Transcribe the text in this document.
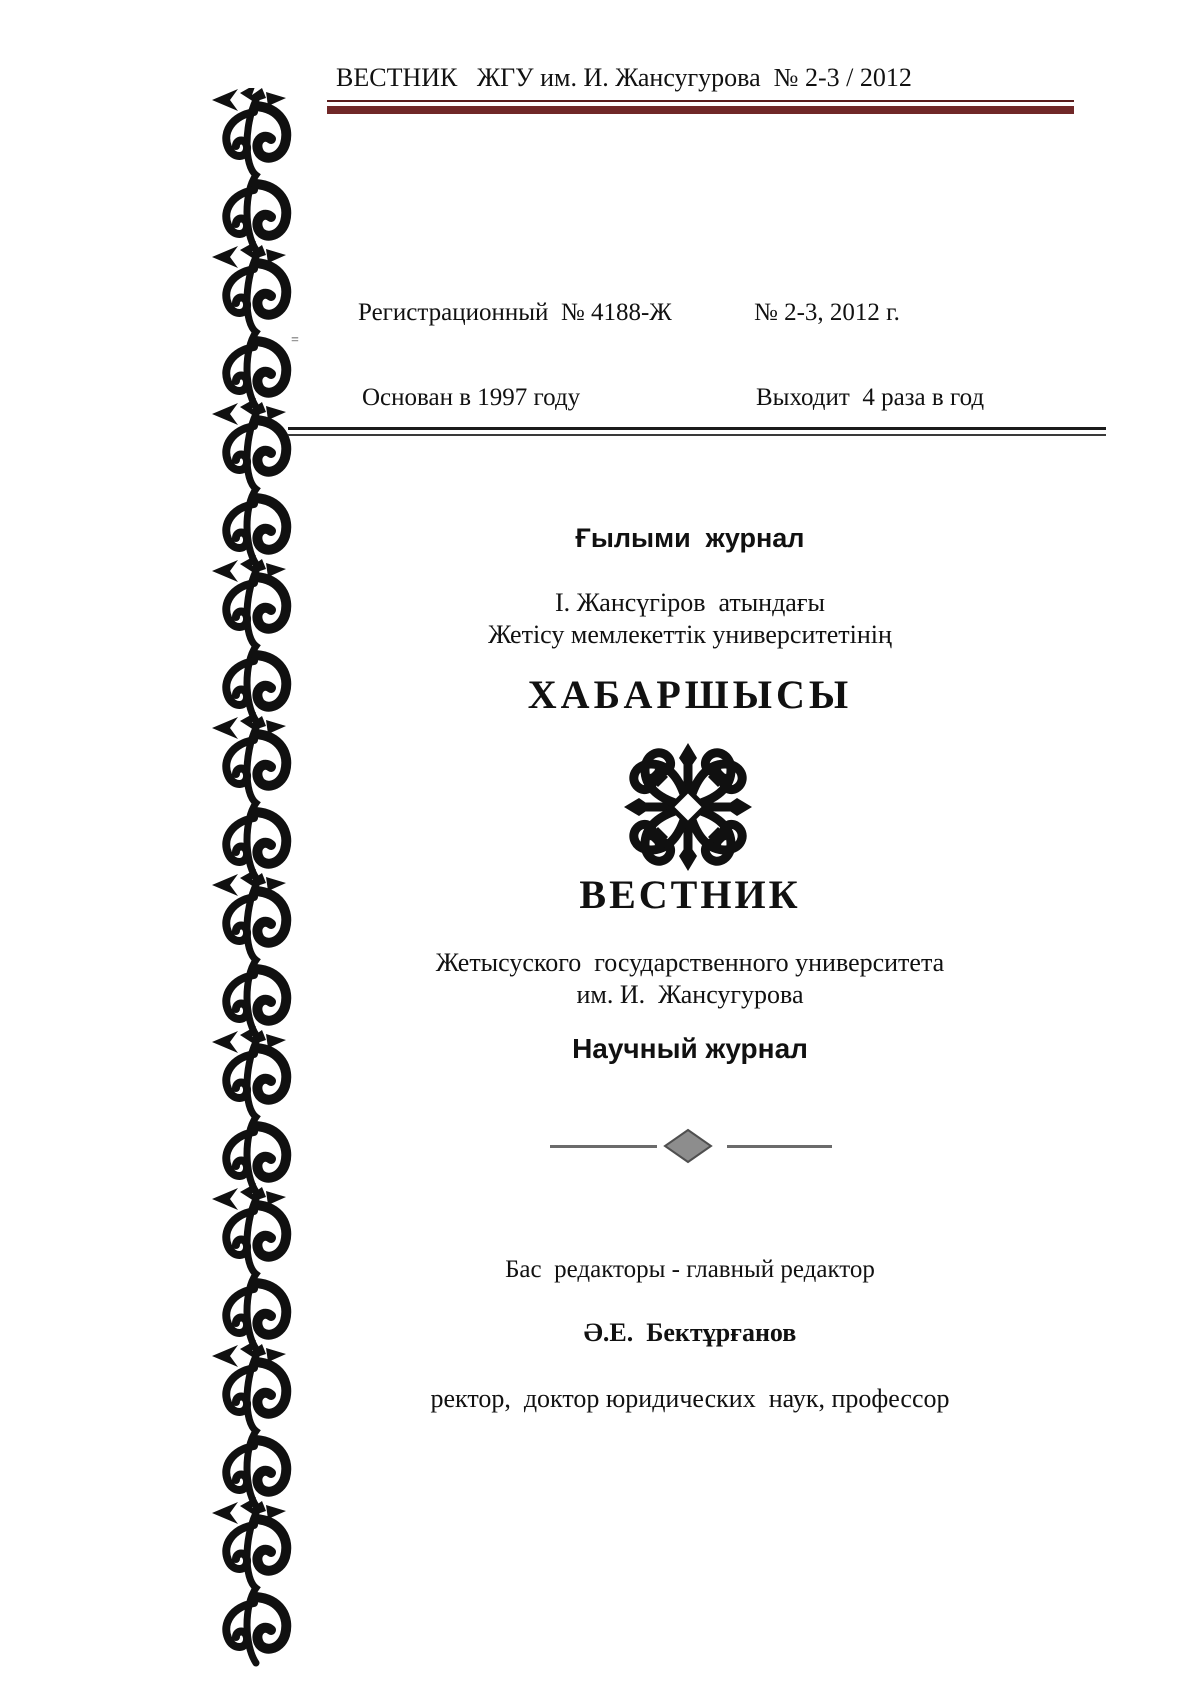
ВЕСТНИК   ЖГУ им. И. Жансугурова  № 2-3 / 2012
=
Регистрационный  № 4188-Ж	№ 2-3, 2012 г.
Основан в 1997 году	Выходит  4 раза в год
Ғылыми  журнал
І. Жансүгіров  атындағы
Жетісу мемлекеттік университетінің
ХАБАРШЫСЫ
ВЕСТНИК
Жетысуского  государственного университета
им. И.  Жансугурова
Научный журнал
Бас  редакторы - главный редактор
Ә.Е.  Бектұрғанов
ректор,  доктор юридических  наук, профессор
